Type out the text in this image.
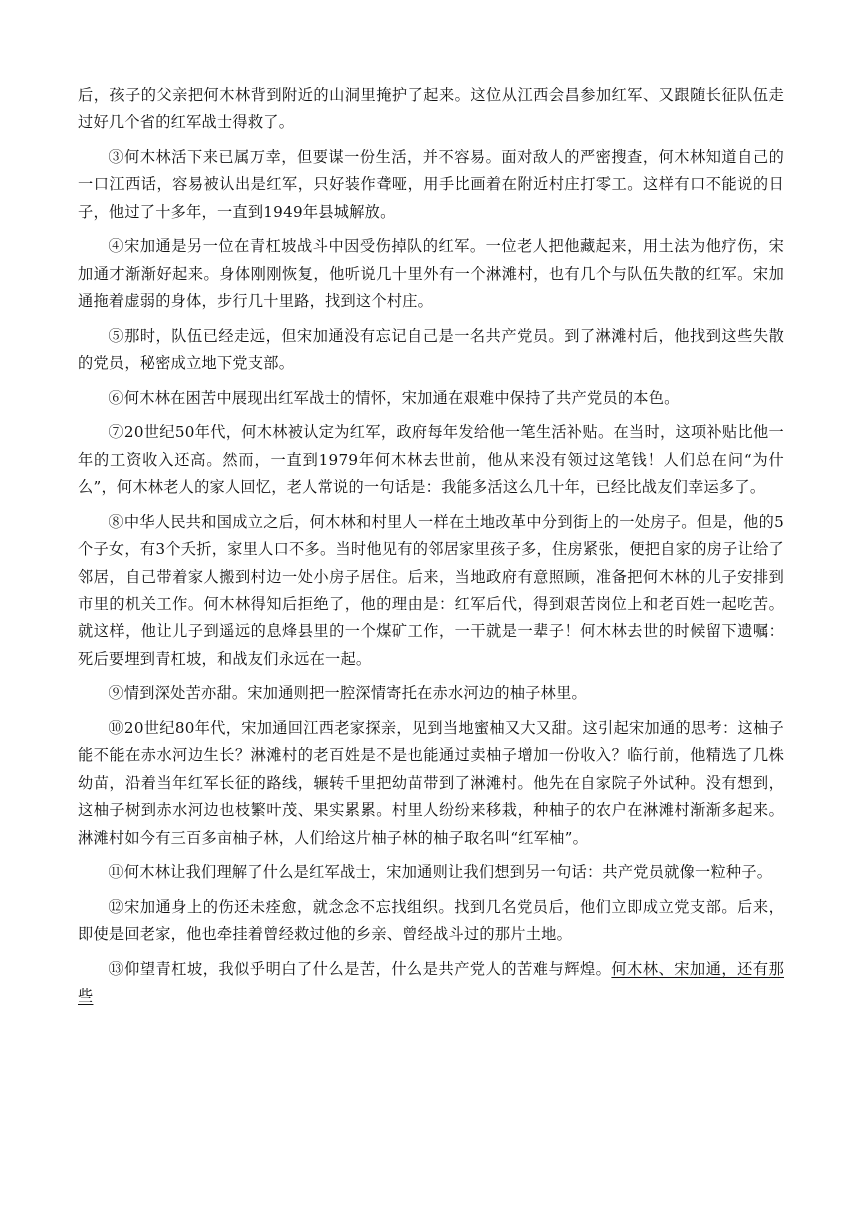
后，孩子的父亲把何木林背到附近的山洞里掩护了起来。这位从江西会昌参加红军、又跟随长征队伍走过好几个省的红军战士得救了。

③何木林活下来已属万幸，但要谋一份生活，并不容易。面对敌人的严密搜查，何木林知道自己的一口江西话，容易被认出是红军，只好装作聋哑，用手比画着在附近村庄打零工。这样有口不能说的日子，他过了十多年，一直到1949年县城解放。

④宋加通是另一位在青杠坡战斗中因受伤掉队的红军。一位老人把他藏起来，用土法为他疗伤，宋加通才渐渐好起来。身体刚刚恢复，他听说几十里外有一个淋滩村，也有几个与队伍失散的红军。宋加通拖着虚弱的身体，步行几十里路，找到这个村庄。

⑤那时，队伍已经走远，但宋加通没有忘记自己是一名共产党员。到了淋滩村后，他找到这些失散的党员，秘密成立地下党支部。

⑥何木林在困苦中展现出红军战士的情怀，宋加通在艰难中保持了共产党员的本色。

⑦20世纪50年代，何木林被认定为红军，政府每年发给他一笔生活补贴。在当时，这项补贴比他一年的工资收入还高。然而，一直到1979年何木林去世前，他从来没有领过这笔钱！人们总在问“为什么”，何木林老人的家人回忆，老人常说的一句话是：我能多活这么几十年，已经比战友们幸运多了。

⑧中华人民共和国成立之后，何木林和村里人一样在土地改革中分到街上的一处房子。但是，他的5个子女，有3个夭折，家里人口不多。当时他见有的邻居家里孩子多，住房紧张，便把自家的房子让给了邻居，自己带着家人搬到村边一处小房子居住。后来，当地政府有意照顾，准备把何木林的儿子安排到市里的机关工作。何木林得知后拒绝了，他的理由是：红军后代，得到艰苦岗位上和老百姓一起吃苦。就这样，他让儿子到遥远的息烽县里的一个煤矿工作，一干就是一辈子！何木林去世的时候留下遗嘱：死后要埋到青杠坡，和战友们永远在一起。

⑨情到深处苦亦甜。宋加通则把一腔深情寄托在赤水河边的柚子林里。

⑩20世纪80年代，宋加通回江西老家探亲，见到当地蜜柚又大又甜。这引起宋加通的思考：这柚子能不能在赤水河边生长？淋滩村的老百姓是不是也能通过卖柚子增加一份收入？临行前，他精选了几株幼苗，沿着当年红军长征的路线，辗转千里把幼苗带到了淋滩村。他先在自家院子外试种。没有想到，这柚子树到赤水河边也枝繁叶茂、果实累累。村里人纷纷来移栽，种柚子的农户在淋滩村渐渐多起来。淋滩村如今有三百多亩柚子林，人们给这片柚子林的柚子取名叫“红军柚”。

⑪何木林让我们理解了什么是红军战士，宋加通则让我们想到另一句话：共产党员就像一粒种子。

⑫宋加通身上的伤还未痊愈，就念念不忘找组织。找到几名党员后，他们立即成立党支部。后来，即使是回老家，他也牵挂着曾经救过他的乡亲、曾经战斗过的那片土地。

⑬仰望青杠坡，我似乎明白了什么是苦，什么是共产党人的苦难与辉煌。何木林、宋加通，还有那些
